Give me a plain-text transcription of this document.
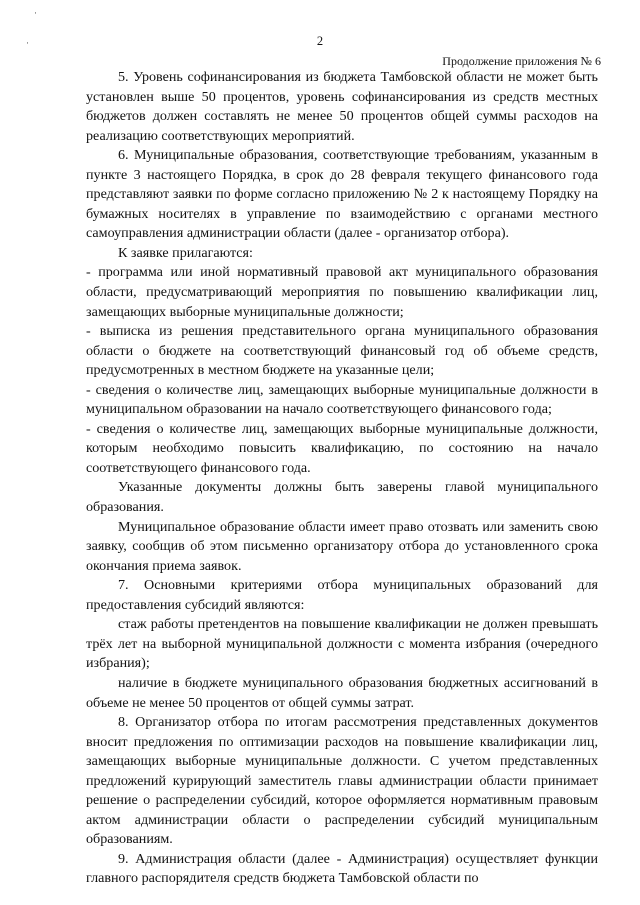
·
·	2
Продолжение приложения № 6

5. Уровень софинансирования из бюджета Тамбовской области не может быть установлен выше 50 процентов, уровень софинансирования из средств местных бюджетов должен составлять не менее 50 процентов общей суммы расходов на реализацию соответствующих мероприятий.

6. Муниципальные образования, соответствующие требованиям, указанным в пункте 3 настоящего Порядка, в срок до 28 февраля текущего финансового года представляют заявки по форме согласно приложению № 2 к настоящему Порядку на бумажных носителях в управление по взаимодействию с органами местного самоуправления администрации области (далее - организатор отбора).

К заявке прилагаются:

- программа или иной нормативный правовой акт муниципального образования области, предусматривающий мероприятия по повышению квалификации лиц, замещающих выборные муниципальные должности;

- выписка из решения представительного органа муниципального образования области о бюджете на соответствующий финансовый год об объеме средств, предусмотренных в местном бюджете на указанные цели;

- сведения о количестве лиц, замещающих выборные муниципальные должности в муниципальном образовании на начало соответствующего финансового года;

- сведения о количестве лиц, замещающих выборные муниципальные должности, которым необходимо повысить квалификацию, по состоянию на начало соответствующего финансового года.

Указанные документы должны быть заверены главой муниципального образования.

Муниципальное образование области имеет право отозвать или заменить свою заявку, сообщив об этом письменно организатору отбора до установленного срока окончания приема заявок.

7. Основными критериями отбора муниципальных образований для предоставления субсидий являются:

стаж работы претендентов на повышение квалификации не должен превышать трёх лет на выборной муниципальной должности с момента избрания (очередного избрания);

наличие в бюджете муниципального образования бюджетных ассигнований в объеме не менее 50 процентов от общей суммы затрат.

8. Организатор отбора по итогам рассмотрения представленных документов вносит предложения по оптимизации расходов на повышение квалификации лиц, замещающих выборные муниципальные должности. С учетом представленных предложений курирующий заместитель главы администрации области принимает решение о распределении субсидий, которое оформляется нормативным правовым актом администрации области о распределении субсидий муниципальным образованиям.

9. Администрация области (далее - Администрация) осуществляет функции главного распорядителя средств бюджета Тамбовской области по
